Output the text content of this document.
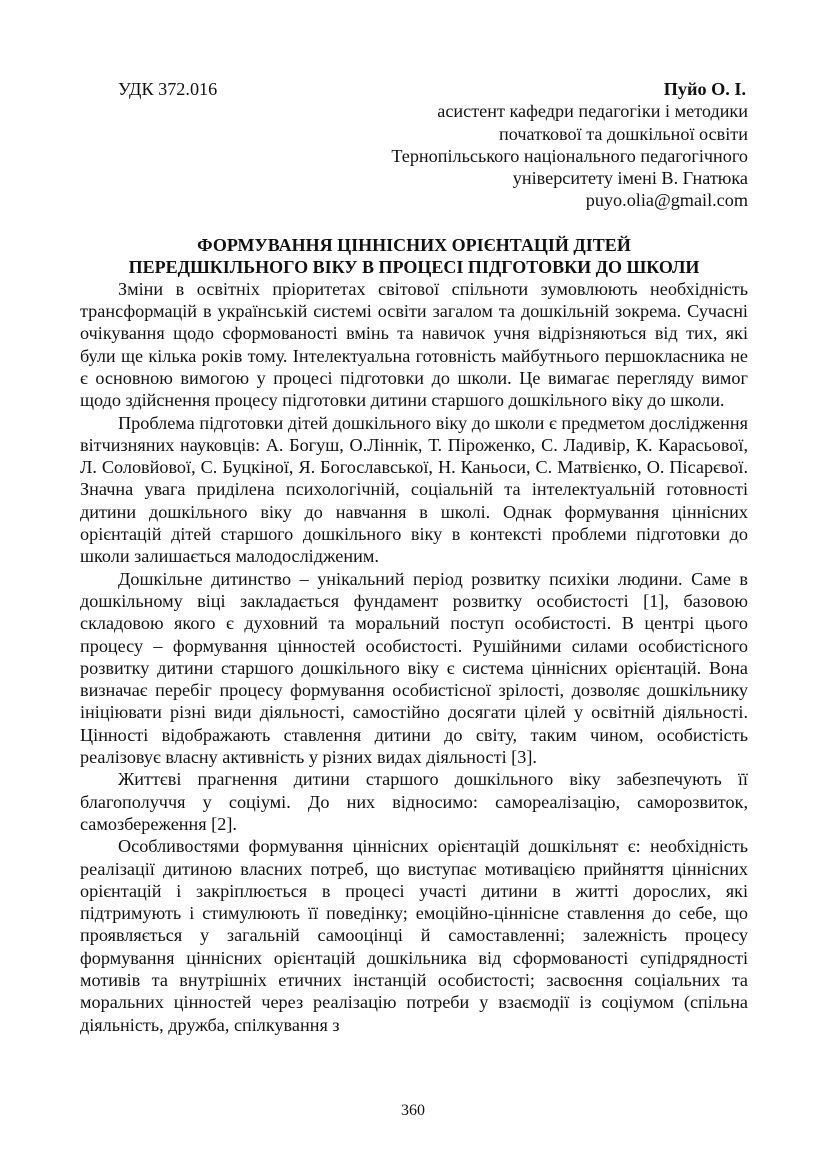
УДК 372.016	Пуйо О. І.
асистент кафедри педагогіки і методики
початкової та дошкільної освіти
Тернопільського національного педагогічного
університету імені В. Гнатюка
puyo.olia@gmail.com
ФОРМУВАННЯ ЦІННІСНИХ ОРІЄНТАЦІЙ ДІТЕЙ
ПЕРЕДШКІЛЬНОГО ВІКУ В ПРОЦЕСІ ПІДГОТОВКИ ДО ШКОЛИ

Зміни в освітніх пріоритетах світової спільноти зумовлюють необхідність трансформацій в українській системі освіти загалом та дошкільній зокрема. Сучасні очікування щодо сформованості вмінь та навичок учня відрізняються від тих, які були ще кілька років тому. Інтелектуальна готовність майбутнього першокласника не є основною вимогою у процесі підготовки до школи. Це вимагає перегляду вимог щодо здійснення процесу підготовки дитини старшого дошкільного віку до школи.

Проблема підготовки дітей дошкільного віку до школи є предметом дослідження вітчизняних науковців: А. Богуш, О.Ліннік, Т. Піроженко, С. Ладивір, К. Карасьової, Л. Соловйової, С. Буцкіної, Я. Богославської, Н. Каньоси, С. Матвієнко, О. Пісарєвої. Значна увага приділена психологічній, соціальній та інтелектуальній готовності дитини дошкільного віку до навчання в школі. Однак формування ціннісних орієнтацій дітей старшого дошкільного віку в контексті проблеми підготовки до школи залишається малодослідженим.

Дошкільне дитинство – унікальний період розвитку психіки людини. Саме в дошкільному віці закладається фундамент розвитку особистості [1], базовою складовою якого є духовний та моральний поступ особистості. В центрі цього процесу – формування цінностей особистості. Рушійними силами особистісного розвитку дитини старшого дошкільного віку є система ціннісних орієнтацій. Вона визначає перебіг процесу формування особистісної зрілості, дозволяє дошкільнику ініціювати різні види діяльності, самостійно досягати цілей у освітній діяльності. Цінності відображають ставлення дитини до світу, таким чином, особистість реалізовує власну активність у різних видах діяльності [3].

Життєві прагнення дитини старшого дошкільного віку забезпечують її благополуччя у соціумі. До них відносимо: самореалізацію, саморозвиток, самозбереження [2].

Особливостями формування ціннісних орієнтацій дошкільнят є: необхідність реалізації дитиною власних потреб, що виступає мотивацією прийняття ціннісних орієнтацій і закріплюється в процесі участі дитини в житті дорослих, які підтримують і стимулюють її поведінку; емоційно-ціннісне ставлення до себе, що проявляється у загальній самооцінці й самоставленні; залежність процесу формування ціннісних орієнтацій дошкільника від сформованості супідрядності мотивів та внутрішніх етичних інстанцій особистості; засвоєння соціальних та моральних цінностей через реалізацію потреби у взаємодії із соціумом (спільна діяльність, дружба, спілкування з

360
